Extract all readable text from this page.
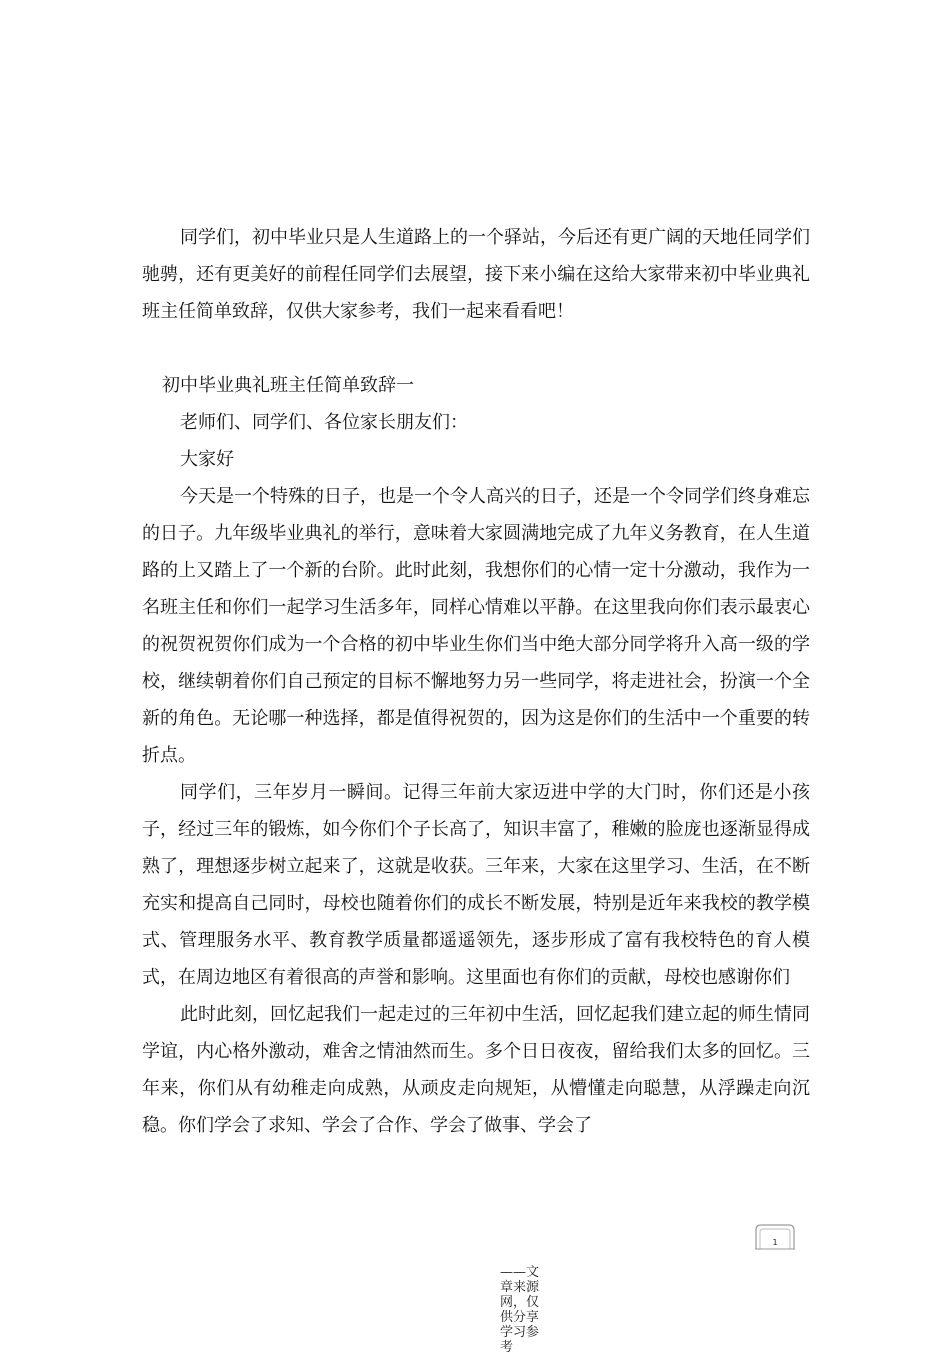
同学们，初中毕业只是人生道路上的一个驿站，今后还有更广阔的天地任同学们驰骋，还有更美好的前程任同学们去展望，接下来小编在这给大家带来初中毕业典礼班主任简单致辞，仅供大家参考，我们一起来看看吧！

初中毕业典礼班主任简单致辞一

老师们、同学们、各位家长朋友们：

大家好

今天是一个特殊的日子，也是一个令人高兴的日子，还是一个令同学们终身难忘的日子。九年级毕业典礼的举行，意味着大家圆满地完成了九年义务教育，在人生道路的上又踏上了一个新的台阶。此时此刻，我想你们的心情一定十分激动，我作为一名班主任和你们一起学习生活多年，同样心情难以平静。在这里我向你们表示最衷心的祝贺祝贺你们成为一个合格的初中毕业生你们当中绝大部分同学将升入高一级的学校，继续朝着你们自己预定的目标不懈地努力另一些同学，将走进社会，扮演一个全新的角色。无论哪一种选择，都是值得祝贺的，因为这是你们的生活中一个重要的转折点。

同学们，三年岁月一瞬间。记得三年前大家迈进中学的大门时，你们还是小孩子，经过三年的锻炼，如今你们个子长高了，知识丰富了，稚嫩的脸庞也逐渐显得成熟了，理想逐步树立起来了，这就是收获。三年来，大家在这里学习、生活，在不断充实和提高自己同时，母校也随着你们的成长不断发展，特别是近年来我校的教学模式、管理服务水平、教育教学质量都遥遥领先，逐步形成了富有我校特色的育人模式，在周边地区有着很高的声誉和影响。这里面也有你们的贡献，母校也感谢你们

此时此刻，回忆起我们一起走过的三年初中生活，回忆起我们建立起的师生情同学谊，内心格外激动，难舍之情油然而生。多个日日夜夜，留给我们太多的回忆。三年来，你们从有幼稚走向成熟，从顽皮走向规矩，从懵懂走向聪慧，从浮躁走向沉稳。你们学会了求知、学会了合作、学会了做事、学会了

1
——文章来源网，仅供分享学习参考
